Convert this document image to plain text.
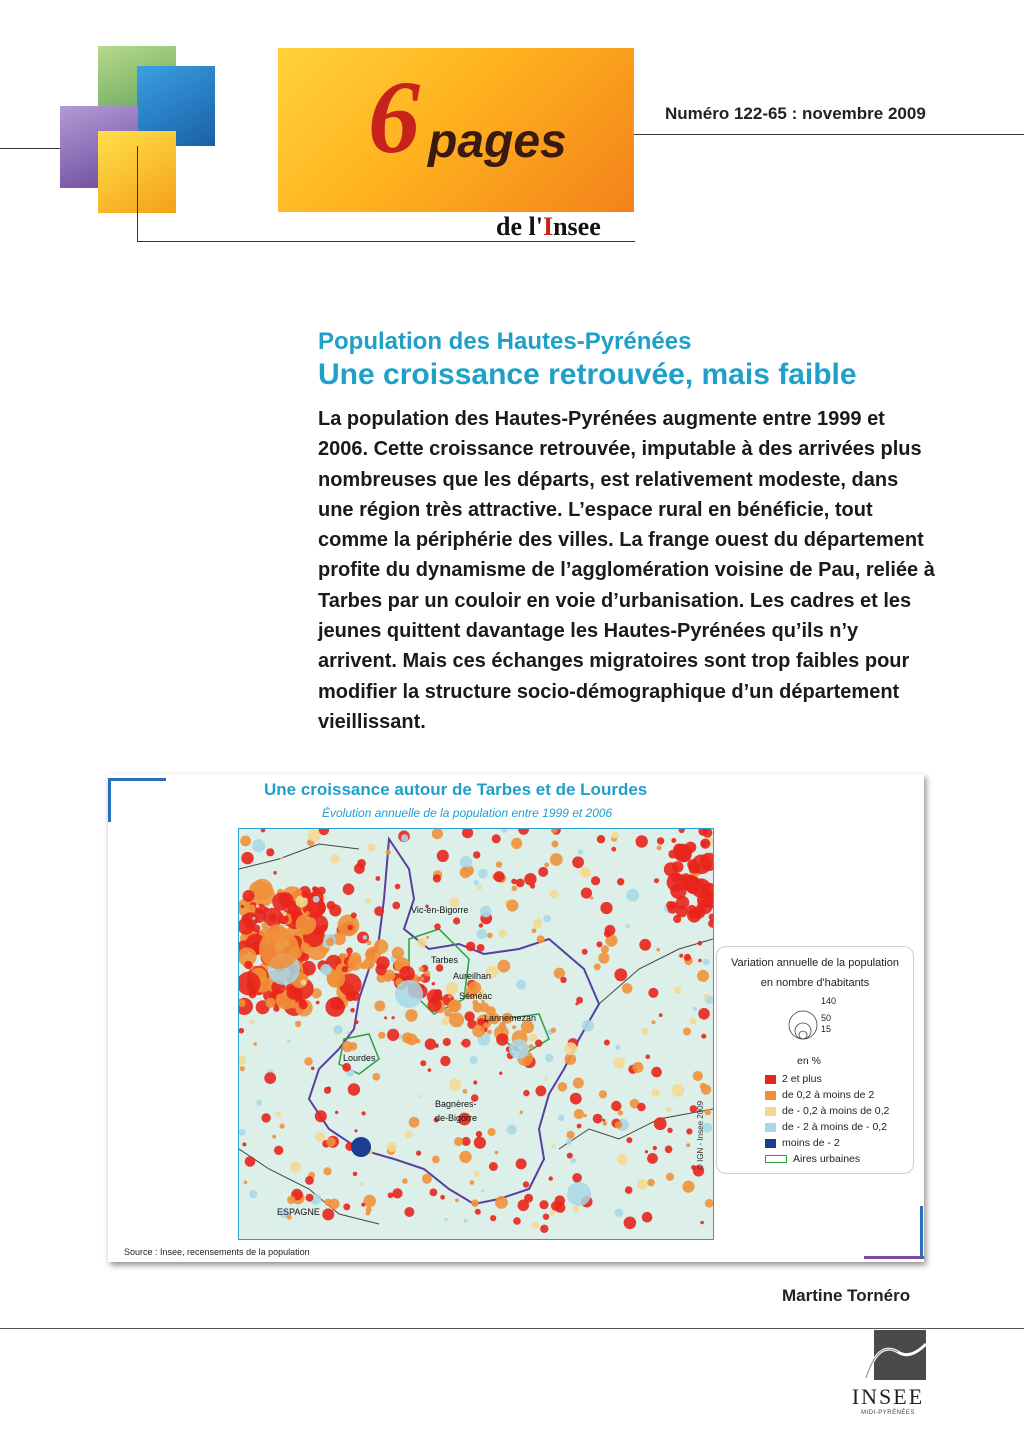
6 pages
de l'Insee
Numéro 122-65 : novembre 2009
Population des Hautes-Pyrénées
Une croissance retrouvée, mais faible
La population des Hautes-Pyrénées augmente entre 1999 et 2006. Cette croissance retrouvée, imputable à des arrivées plus nombreuses que les départs, est relativement modeste, dans une région très attractive. L’espace rural en bénéficie, tout comme la périphérie des villes. La frange ouest du département profite du dynamisme de l’agglomération voisine de Pau, reliée à Tarbes par un couloir en voie d’urbanisation. Les cadres et les jeunes quittent davantage les Hautes-Pyrénées qu’ils n’y arrivent. Mais ces échanges migratoires sont trop faibles pour modifier la structure socio-démographique d’un département vieillissant.
Une croissance autour de Tarbes et de Lourdes
Évolution annuelle de la population entre 1999 et 2006
Vic-en-Bigorre
Tarbes
Aureilhan
Séméac
Lannemezan
Lourdes
Bagnères-
de-Bigorre
ESPAGNE
© IGN - Insee 2009
Variation annuelle de la population
en nombre d'habitants
140
50
15
en %
2 et plus
de 0,2 à moins de 2
de - 0,2 à moins de 0,2
de - 2 à moins de - 0,2
moins de - 2
Aires urbaines
Source : Insee, recensements de la population
Martine Tornéro
INSEE
MIDI-PYRÉNÉES
